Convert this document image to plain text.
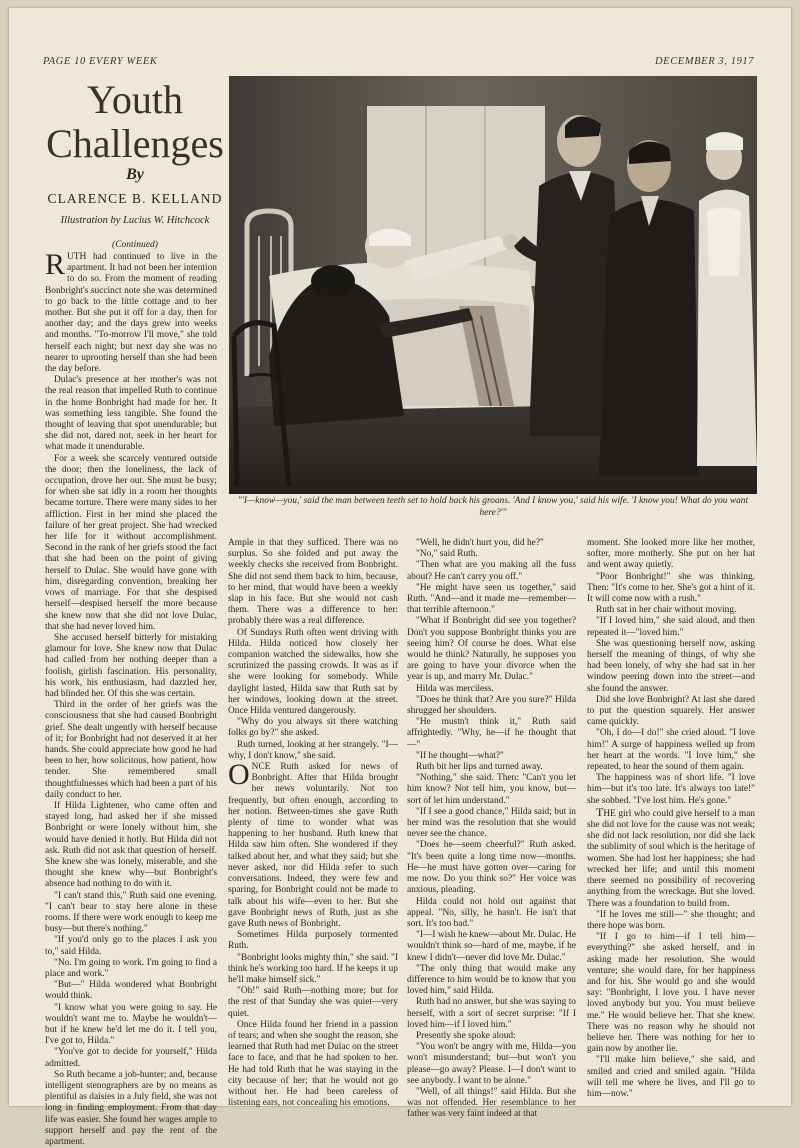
PAGE 10 EVERY WEEK	DECEMBER 3, 1917
Youth Challenges
By
CLARENCE B. KELLAND
Illustration by Lucius W. Hitchcock
(Continued)
"'I—know—you,' said the man between teeth set to hold back his groans. 'And I know you,' said his wife. 'I know you! What do you want here?'"

RUTH had continued to live in the apartment. It had not been her intention to do so. From the moment of reading Bonbright's succinct note she was determined to go back to the little cottage and to her mother. But she put it off for a day, then for another day; and the days grew into weeks and months. "To-morrow I'll move," she told herself each night; but next day she was no nearer to uprooting herself than she had been the day before.

Dulac's presence at her mother's was not the real reason that impelled Ruth to continue in the home Bonbright had made for her. It was something less tangible. She found the thought of leaving that spot unendurable; but she did not, dared not, seek in her heart for what made it unendurable.

For a week she scarcely ventured outside the door; then the loneliness, the lack of occupation, drove her out. She must be busy; for when she sat idly in a room her thoughts became torture. There were many sides to her affliction. First in her mind she placed the failure of her great project. She had wrecked her life for it without accomplishment. Second in the rank of her griefs stood the fact that she had been on the point of giving herself to Dulac. She would have gone with him, disregarding convention, breaking her vows of marriage. For that she despised herself—despised herself the more because she knew now that she did not love Dulac, that she had never loved him.

She accused herself bitterly for mistaking glamour for love. She knew now that Dulac had called from her nothing deeper than a foolish, girlish fascination. His personality, his work, his enthusiasm, had dazzled her, had blinded her. Of this she was certain.

Third in the order of her griefs was the consciousness that she had caused Bonbright grief. She dealt ungently with herself because of it; for Bonbright had not deserved it at her hands. She could appreciate how good he had been to her, how solicitous, how patient, how tender. She remembered small thoughtfulnesses which had been a part of his daily conduct to her.

If Hilda Lightener, who came often and stayed long, had asked her if she missed Bonbright or were lonely without him, she would have denied it hotly. But Hilda did not ask. Ruth did not ask that question of herself. She knew she was lonely, miserable, and she thought she knew why—but Bonbright's absence had nothing to do with it.

"I can't stand this," Ruth said one evening. "I can't bear to stay here alone in these rooms. If there were work enough to keep me busy—but there's nothing."

"If you'd only go to the places I ask you to," said Hilda.

"No. I'm going to work. I'm going to find a place and work."

"But—" Hilda wondered what Bonbright would think.

"I know what you were going to say. He wouldn't want me to. Maybe he wouldn't—but if he knew he'd let me do it. I tell you, I've got to, Hilda."

"You've got to decide for yourself," Hilda admitted.

So Ruth became a job-hunter; and, because intelligent stenographers are by no means as plentiful as daisies in a July field, she was not long in finding employment. From that day life was easier. She found her wages ample to support herself and pay the rent of the apartment.

Ample in that they sufficed. There was no surplus. So she folded and put away the weekly checks she received from Bonbright. She did not send them back to him, because, to her mind, that would have been a weekly slap in his face. But she would not cash them. There was a difference to her: probably there was a real difference.

Of Sundays Ruth often went driving with Hilda. Hilda noticed how closely her companion watched the sidewalks, how she scrutinized the passing crowds. It was as if she were looking for somebody. While daylight lasted, Hilda saw that Ruth sat by her windows, looking down at the street. Once Hilda ventured dangerously.

"Why do you always sit there watching folks go by?" she asked.

Ruth turned, looking at her strangely. "I—why, I don't know," she said.

ONCE Ruth asked for news of Bonbright. After that Hilda brought her news voluntarily. Not too frequently, but often enough, according to her notion. Between-times she gave Ruth plenty of time to wonder what was happening to her husband. Ruth knew that Hilda saw him often. She wondered if they talked about her, and what they said; but she never asked, nor did Hilda refer to such conversations. Indeed, they were few and sparing, for Bonbright could not be made to talk about his wife—even to her. But she gave Bonbright news of Ruth, just as she gave Ruth news of Bonbright.

Sometimes Hilda purposely tormented Ruth.

"Bonbright looks mighty thin," she said. "I think he's working too hard. If he keeps it up he'll make himself sick."

"Oh!" said Ruth—nothing more; but for the rest of that Sunday she was quiet—very quiet.

Once Hilda found her friend in a passion of tears; and when she sought the reason, she learned that Ruth had met Dulac on the street face to face, and that he had spoken to her. He had told Ruth that he was staying in the city because of her; that he would not go without her. He had been careless of listening ears, not concealing his emotions.

"Well, he didn't hurt you, did he?"

"No," said Ruth.

"Then what are you making all the fuss about? He can't carry you off."

"He might have seen us together," said Ruth. "And—and it made me—remember—that terrible afternoon."

"What if Bonbright did see you together? Don't you suppose Bonbright thinks you are seeing him? Of course he does. What else would he think? Naturally, he supposes you are going to have your divorce when the year is up, and marry Mr. Dulac."

Hilda was merciless.

"Does he think that? Are you sure?" Hilda shrugged her shoulders.

"He mustn't think it," Ruth said affrightedly. "Why, he—if he thought that—"

"If he thought—what?"

Ruth bit her lips and turned away.

"Nothing," she said. Then: "Can't you let him know? Not tell him, you know, but—sort of let him understand."

"If I see a good chance," Hilda said; but in her mind was the resolution that she would never see the chance.

"Does he—seem cheerful?" Ruth asked. "It's been quite a long time now—months. He—he must have gotten over—caring for me now. Do you think so?" Her voice was anxious, pleading.

Hilda could not hold out against that appeal. "No, silly, he hasn't. He isn't that sort. It's too bad."

"I—I wish he knew—about Mr. Dulac. He wouldn't think so—hard of me, maybe, if he knew I didn't—never did love Mr. Dulac."

"The only thing that would make any difference to him would be to know that you loved him," said Hilda.

Ruth had no answer, but she was saying to herself, with a sort of secret surprise: "If I loved him—if I loved him."

Presently she spoke aloud:

"You won't be angry with me, Hilda—you won't misunderstand; but—but won't you please—go away? Please. I—I don't want to see anybody. I want to be alone."

"Well, of all things!" said Hilda. But she was not offended. Her resemblance to her father was very faint indeed at that

moment. She looked more like her mother, softer, more motherly. She put on her hat and went away quietly.

"Poor Bonbright!" she was thinking. Then: "It's come to her. She's got a hint of it. It will come now with a rush."

Ruth sat in her chair without moving.

"If I loved him," she said aloud, and then repeated it—"loved him."

She was questioning herself now, asking herself the meaning of things, of why she had been lonely, of why she had sat in her window peering down into the street—and she found the answer.

Did she love Bonbright? At last she dared to put the question squarely. Her answer came quickly.

"Oh, I do—I do!" she cried aloud. "I love him!" A surge of happiness welled up from her heart at the words. "I love him," she repeated, to hear the sound of them again.

The happiness was of short life. "I love him—but it's too late. It's always too late!" she sobbed. "I've lost him. He's gone."

THE girl who could give herself to a man she did not love for the cause was not weak; she did not lack resolution, nor did she lack the sublimity of soul which is the heritage of women. She had lost her happiness; she had wrecked her life; and until this moment there seemed no possibility of recovering anything from the wreckage. But she loved. There was a foundation to build from.

"If he loves me still—" she thought; and there hope was born.

"If I go to him—if I tell him—everything?" she asked herself, and in asking made her resolution. She would venture; she would dare, for her happiness and for his. She would go and she would say: "Bonbright, I love you. I have never loved anybody but you. You must believe me." He would believe her. That she knew. There was no reason why he should not believe her. There was nothing for her to gain now by another lie.

"I'll make him believe," she said, and smiled and cried and smiled again. "Hilda will tell me where he lives, and I'll go to him—now."
